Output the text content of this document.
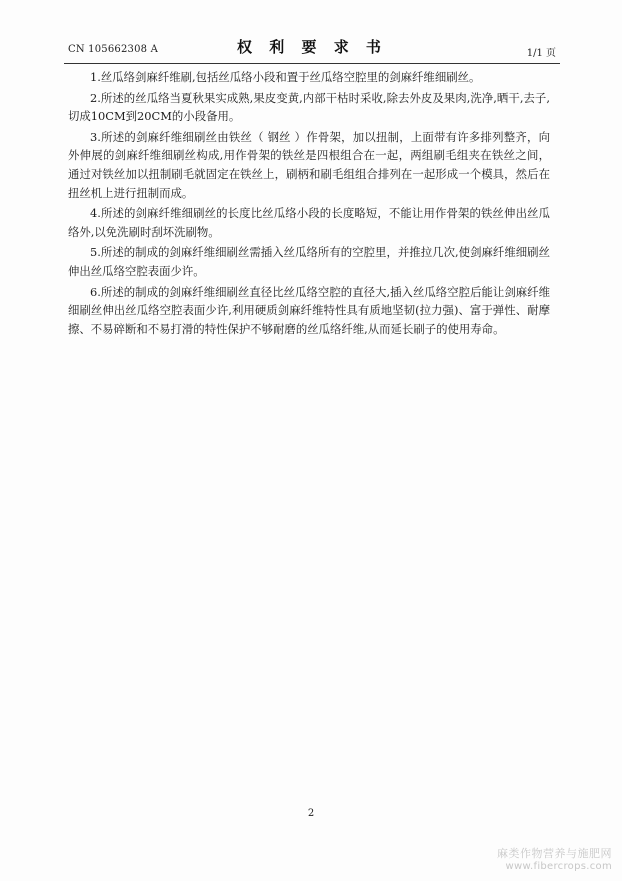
CN 105662308 A	权 利 要 求 书	1/1 页

1.丝瓜络剑麻纤维刷,包括丝瓜络小段和置于丝瓜络空腔里的剑麻纤维细刷丝。

2.所述的丝瓜络当夏秋果实成熟,果皮变黄,内部干枯时采收,除去外皮及果肉,洗净,晒干,去子,切成10CM到20CM的小段备用。

3.所述的剑麻纤维细刷丝由铁丝（ 钢丝 ）作骨架，加以扭制，上面带有许多排列整齐，向外伸展的剑麻纤维细刷丝构成,用作骨架的铁丝是四根组合在一起，两组刷毛组夹在铁丝之间，通过对铁丝加以扭制刷毛就固定在铁丝上，刷柄和刷毛组组合排列在一起形成一个模具，然后在扭丝机上进行扭制而成。

4.所述的剑麻纤维细刷丝的长度比丝瓜络小段的长度略短，不能让用作骨架的铁丝伸出丝瓜络外,以免洗刷时刮坏洗刷物。

5.所述的制成的剑麻纤维细刷丝需插入丝瓜络所有的空腔里，并推拉几次,使剑麻纤维细刷丝伸出丝瓜络空腔表面少许。

6.所述的制成的剑麻纤维细刷丝直径比丝瓜络空腔的直径大,插入丝瓜络空腔后能让剑麻纤维细刷丝伸出丝瓜络空腔表面少许,利用硬质剑麻纤维特性具有质地坚韧(拉力强)、富于弹性、耐摩擦、不易碎断和不易打滑的特性保护不够耐磨的丝瓜络纤维,从而延长刷子的使用寿命。

2
麻类作物营养与施肥网
www.fibercrops.com
